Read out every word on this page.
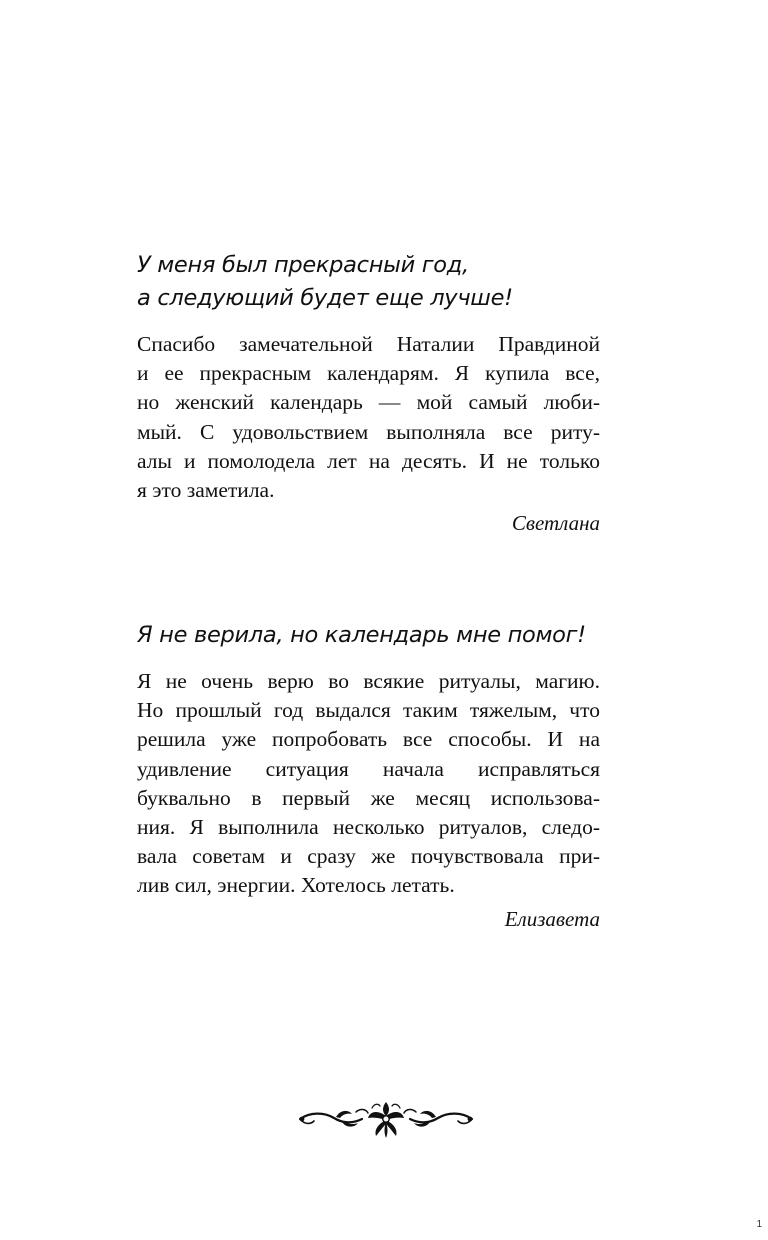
У меня был прекрасный год,
а следующий будет еще лучше!
Спасибо замечательной Наталии Правдиной
и ее прекрасным календарям. Я купила все,
но женский календарь — мой самый люби-
мый. С удовольствием выполняла все риту-
алы и помолодела лет на десять. И не только
я это заметила.

Светлана

Я не верила, но календарь мне помог!
Я не очень верю во всякие ритуалы, магию.
Но прошлый год выдался таким тяжелым, что
решила уже попробовать все способы. И на
удивление ситуация начала исправляться
буквально в первый же месяц использова-
ния. Я выполнила несколько ритуалов, следо-
вала советам и сразу же почувствовала при-
лив сил, энергии. Хотелось летать.

Елизавета

1
